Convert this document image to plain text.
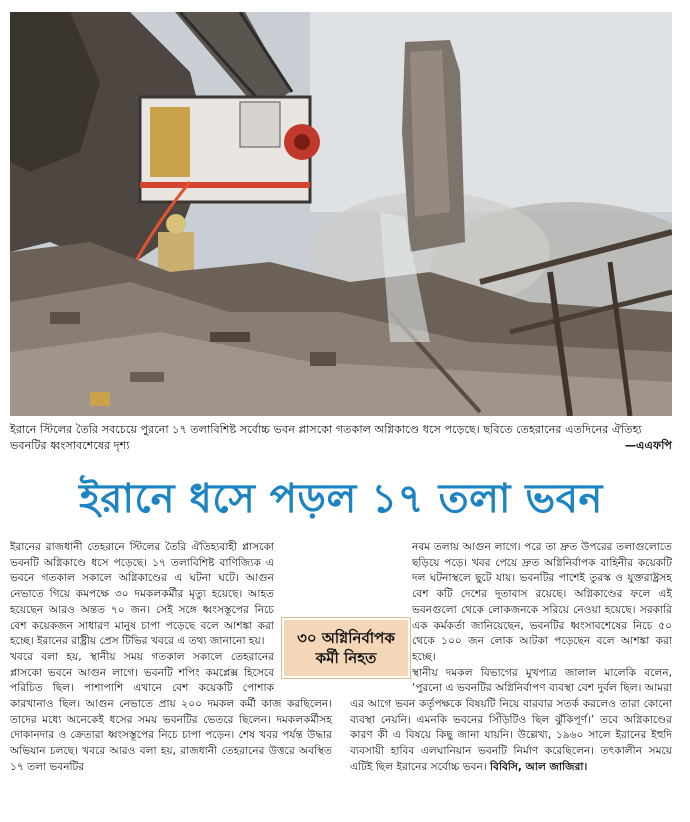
ইরানে স্টিলের তৈরি সবচেয়ে পুরনো ১৭ তলাবিশিষ্ট সর্বোচ্চ ভবন প্লাসকো গতকাল অগ্নিকাণ্ডে ধসে পড়েছে। ছবিতে তেহরানের এতদিনের ঐতিহ্য ভবনটির ধ্বংসাবশেষের দৃশ্য	—এএফপি
ইরানে ধসে পড়ল ১৭ তলা ভবন

ইরানের রাজধানী তেহরানে স্টিলের তৈরি ঐতিহ্যবাহী প্লাসকো ভবনটি অগ্নিকাণ্ডে ধসে পড়েছে। ১৭ তলাবিশিষ্ট বাণিজ্যিক এ ভবনে গতকাল সকালে অগ্নিকাণ্ডের এ ঘটনা ঘটে। আগুন নেভাতে গিয়ে কমপক্ষে ৩০ দমকলকর্মীর মৃত্যু হয়েছে। আহত হয়েছেন আরও অন্তত ৭০ জন। সেই সঙ্গে ধ্বংসস্তূপের নিচে বেশ কয়েকজন সাধারণ মানুষ চাপা পড়েছে বলে আশঙ্কা করা হচ্ছে। ইরানের রাষ্ট্রীয় প্রেস টিভির খবরে এ তথ্য জানানো হয়।

খবরে বলা হয়, স্থানীয় সময় গতকাল সকালে তেহরানের প্লাসকো ভবনে আগুন লাগে। ভবনটি শপিং কমপ্লেক্স হিসেবে পরিচিত ছিল। পাশাপাশি এখানে বেশ কয়েকটি পোশাক কারখানাও ছিল। আগুন নেভাতে প্রায় ২০০ দমকল কর্মী কাজ করছিলেন। তাদের মধ্যে অনেকেই ধসের সময় ভবনটির ভেতরে ছিলেন। দমকলকর্মীসহ দোকানদার ও ক্রেতারা ধ্বংসস্তূপের নিচে চাপা পড়েন। শেষ খবর পর্যন্ত উদ্ধার অভিযান চলছে। খবরে আরও বলা হয়, রাজধানী তেহরানের উত্তরে অবস্থিত ১৭ তলা ভবনটির

নবম তলায় আগুন লাগে। পরে তা দ্রুত উপরের তলাগুলোতে ছড়িয়ে পড়ে। খবর পেয়ে দ্রুত অগ্নিনির্বাপক বাহিনীর কয়েকটি দল ঘটনাস্থলে ছুটে যায়। ভবনটির পাশেই তুরস্ক ও যুক্তরাষ্ট্রসহ বেশ কটি দেশের দূতাবাস রয়েছে। অগ্নিকাণ্ডের ফলে এই ভবনগুলো থেকে লোকজনকে সরিয়ে নেওয়া হয়েছে। সরকারি এক কর্মকর্তা জানিয়েছেন, ভবনটির ধ্বংসাবশেষের নিচে ৫০ থেকে ১০০ জন লোক আটকা পড়েছেন বলে আশঙ্কা করা হচ্ছে।

স্থানীয় দমকল বিভাগের মুখপাত্র জালাল মালেকি বলেন, ‘পুরনো এ ভবনটির অগ্নিনির্বাপণ ব্যবস্থা বেশ দুর্বল ছিল। আমরা এর আগে ভবন কর্তৃপক্ষকে বিষয়টি নিয়ে বারবার সতর্ক করলেও তারা কোনো ব্যবস্থা নেয়নি। এমনকি ভবনের সিঁড়িটিও ছিল ঝুঁকিপূর্ণ।’ তবে অগ্নিকাণ্ডের কারণ কী এ বিষয়ে কিছু জানা যায়নি। উল্লেখ্য, ১৯৬০ সালে ইরানের ইহুদি ব্যবসায়ী হাবিব এলঘানিয়ান ভবনটি নির্মাণ করেছিলেন। তৎকালীন সময়ে এটিই ছিল ইরানের সর্বোচ্চ ভবন। বিবিসি, আল জাজিরা।

৩০ অগ্নিনির্বাপক কর্মী নিহত
